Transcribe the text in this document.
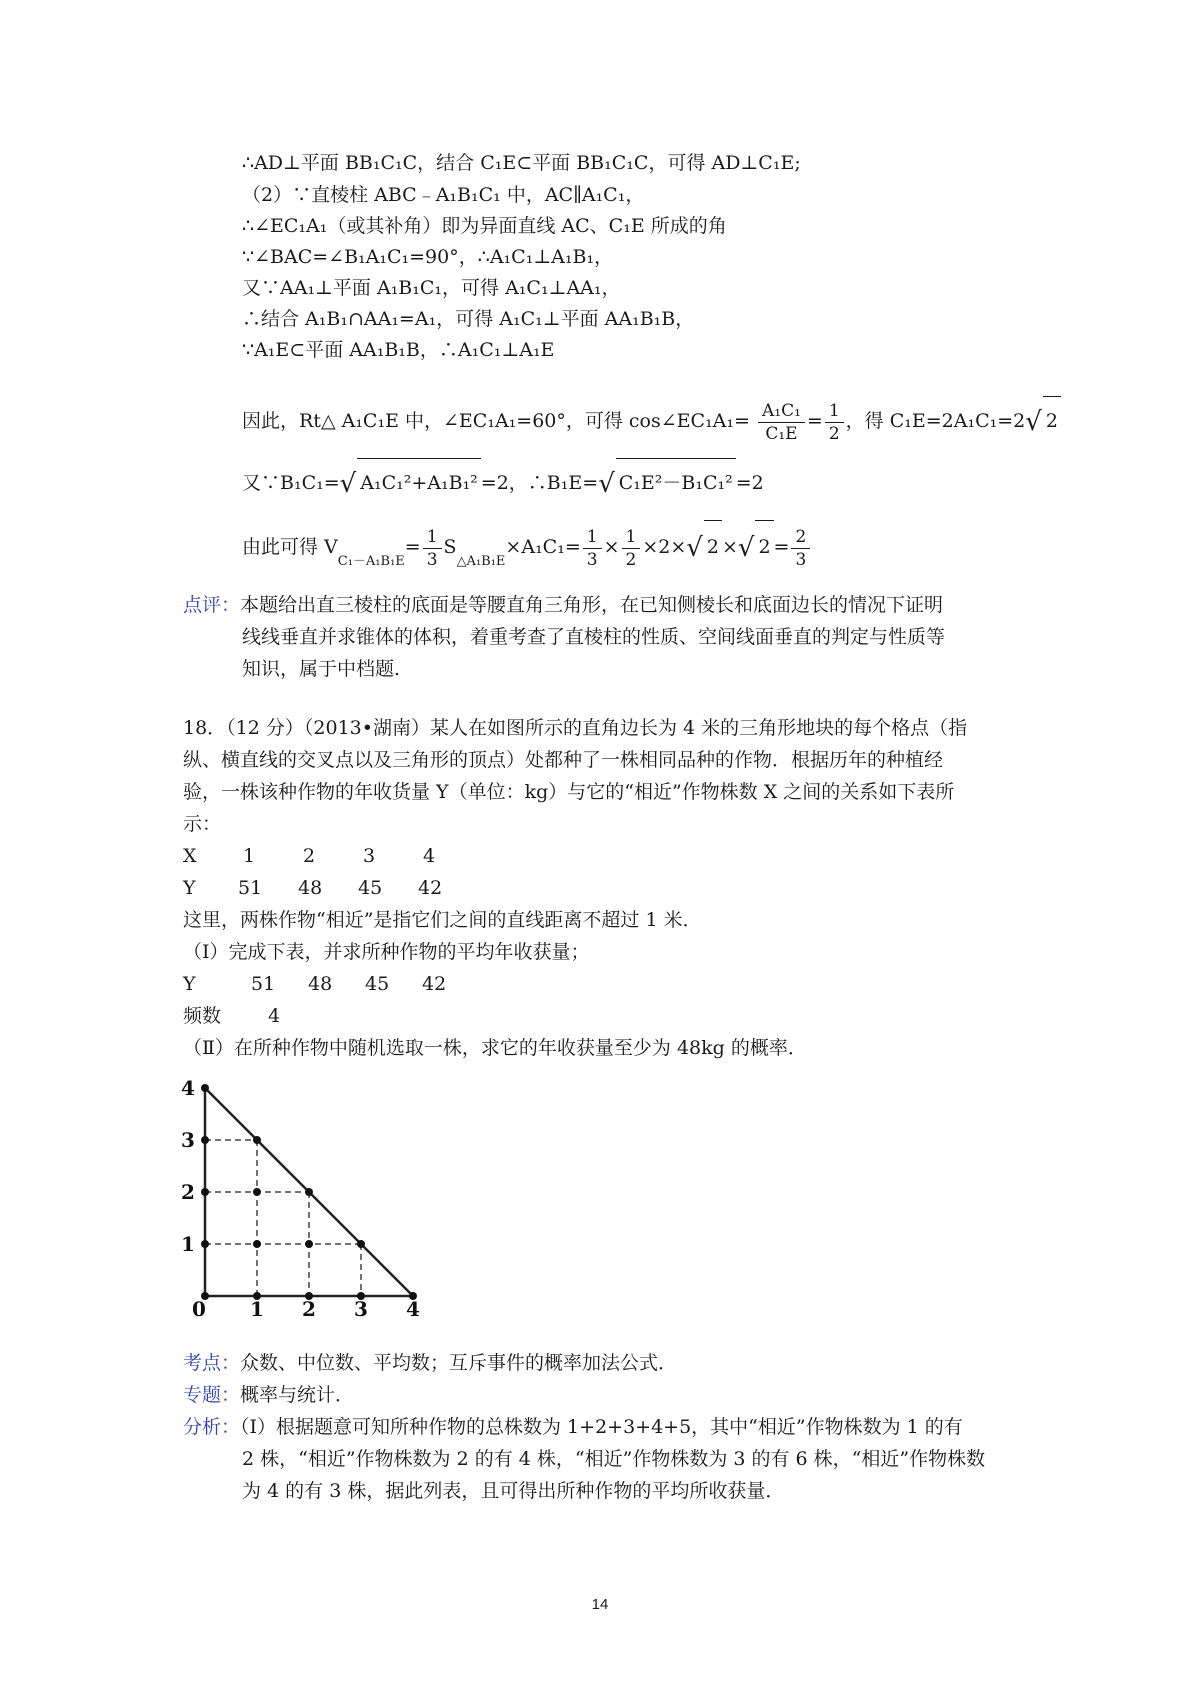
∴AD⊥平面 BB₁C₁C，结合 C₁E⊂平面 BB₁C₁C，可得 AD⊥C₁E;
（2）∵直棱柱 ABC﹣A₁B₁C₁ 中，AC∥A₁C₁，
∴∠EC₁A₁（或其补角）即为异面直线 AC、C₁E 所成的角
∵∠BAC=∠B₁A₁C₁=90°，∴A₁C₁⊥A₁B₁，
又∵AA₁⊥平面 A₁B₁C₁，可得 A₁C₁⊥AA₁，
∴结合 A₁B₁∩AA₁=A₁，可得 A₁C₁⊥平面 AA₁B₁B，
∵A₁E⊂平面 AA₁B₁B，∴A₁C₁⊥A₁E
因此，Rt△ A₁C₁E 中，∠EC₁A₁=60°，可得 cos∠EC₁A₁= $\frac{\text{A₁C₁}}{\text{C₁E}} = \frac{1}{2}$ ，得 C₁E=2A₁C₁=2√ 2
又∵B₁C₁=√ A₁C₁²+A₁B₁² =2，∴B₁E=√ C₁E²－B₁C₁² =2
由此可得 $V_{C_1-A_1B_1E}= \frac{1}{3} S_{\triangle A_1B_1E}\times A_1C_1= \frac{1}{3} \times \frac{1}{2} \times 2\times√$ 2 ×√ $2 = \frac{2}{3}$
点评：本题给出直三棱柱的底面是等腰直角三角形，在已知侧棱长和底面边长的情况下证明
线线垂直并求锥体的体积，着重考查了直棱柱的性质、空间线面垂直的判定与性质等
知识，属于中档题.
18．（12 分）（2013•湖南）某人在如图所示的直角边长为 4 米的三角形地块的每个格点（指
纵、横直线的交叉点以及三角形的顶点）处都种了一株相同品种的作物．根据历年的种植经
验，一株该种作物的年收货量 Y（单位：kg）与它的“相近”作物株数 X 之间的关系如下表所
示：
X 1	2	3	4
Y 51 48 45 42
这里，两株作物“相近”是指它们之间的直线距离不超过 1 米．
（Ⅰ）完成下表，并求所种作物的平均年收获量；
Y	51 48 45 42
频数 4
（Ⅱ）在所种作物中随机选取一株，求它的年收获量至少为 48kg 的概率．
0 1 2 3 4
1
2
3
4
考点：众数、中位数、平均数；互斥事件的概率加法公式．
专题：概率与统计．
分析：（Ⅰ）根据题意可知所种作物的总株数为 1+2+3+4+5，其中“相近”作物株数为 1 的有
2 株，“相近”作物株数为 2 的有 4 株，“相近”作物株数为 3 的有 6 株，“相近”作物株数
为 4 的有 3 株，据此列表，且可得出所种作物的平均所收获量．
14
